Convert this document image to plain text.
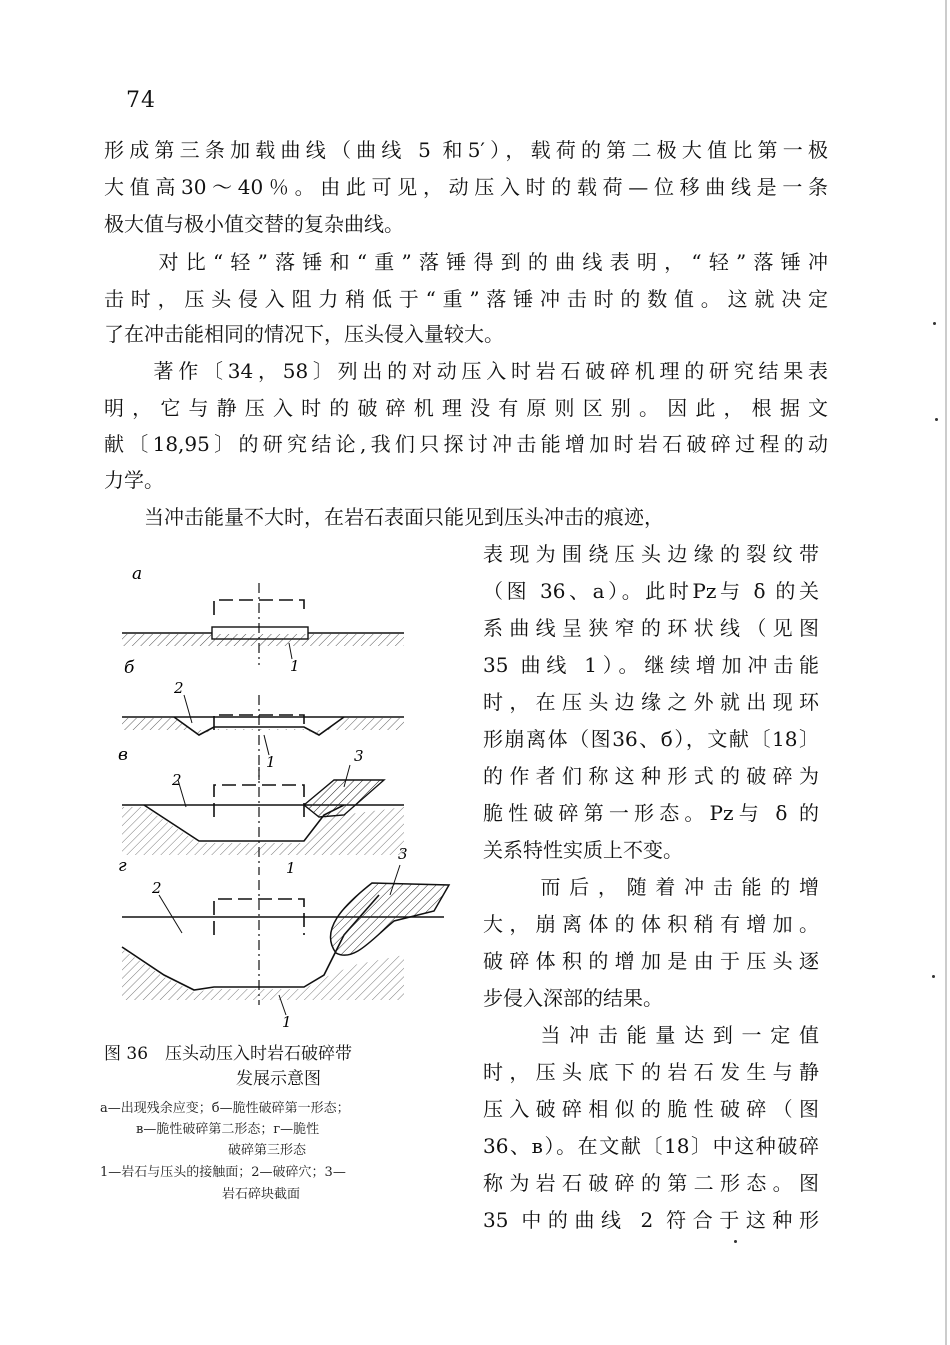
74
形成第三条加载曲线（曲线 5 和5′），载荷的第二极大值比第一极
大值高30～40％。由此可见，动压入时的载荷—位移曲线是一条
极大值与极小值交替的复杂曲线。
　　对比“轻”落锤和“重”落锤得到的曲线表明，“轻”落锤冲
击时，压头侵入阻力稍低于“重”落锤冲击时的数值。这就决定
了在冲击能相同的情况下，压头侵入量较大。
　　著作〔34，58〕列出的对动压入时岩石破碎机理的研究结果表
明，它与静压入时的破碎机理没有原则区别。因此，根据文
献〔18,95〕的研究结论,我们只探讨冲击能增加时岩石破碎过程的动
力学。
　　当冲击能量不大时，在岩石表面只能见到压头冲击的痕迹，
表现为围绕压头边缘的裂纹带
（图 36、a）。此时Pz与 δ 的关
系曲线呈狭窄的环状线（见图
35 曲线 1）。继续增加冲击能
时，在压头边缘之外就出现环
形崩离体（图36、б），文献〔18〕
的作者们称这种形式的破碎为
脆性破碎第一形态。Pz与 δ 的
关系特性实质上不变。
　　而后，随着冲击能的增
大，崩离体的体积稍有增加。
破碎体积的增加是由于压头逐
步侵入深部的结果。
　　当冲击能量达到一定值
时，压头底下的岩石发生与静
压入破碎相似的脆性破碎（图
36、в）。在文献〔18〕中这种破碎
称为岩石破碎的第二形态。图
35 中的曲线 2 符合于这种形
a
1
б
2
1
в
2
3
1
г
2
3
1
图 36　压头动压入时岩石破碎带
发展示意图
a—出现残余应变；б—脆性破碎第一形态；
в—脆性破碎第二形态；г—脆性
破碎第三形态
1—岩石与压头的接触面；2—破碎穴；3—
岩石碎块截面
